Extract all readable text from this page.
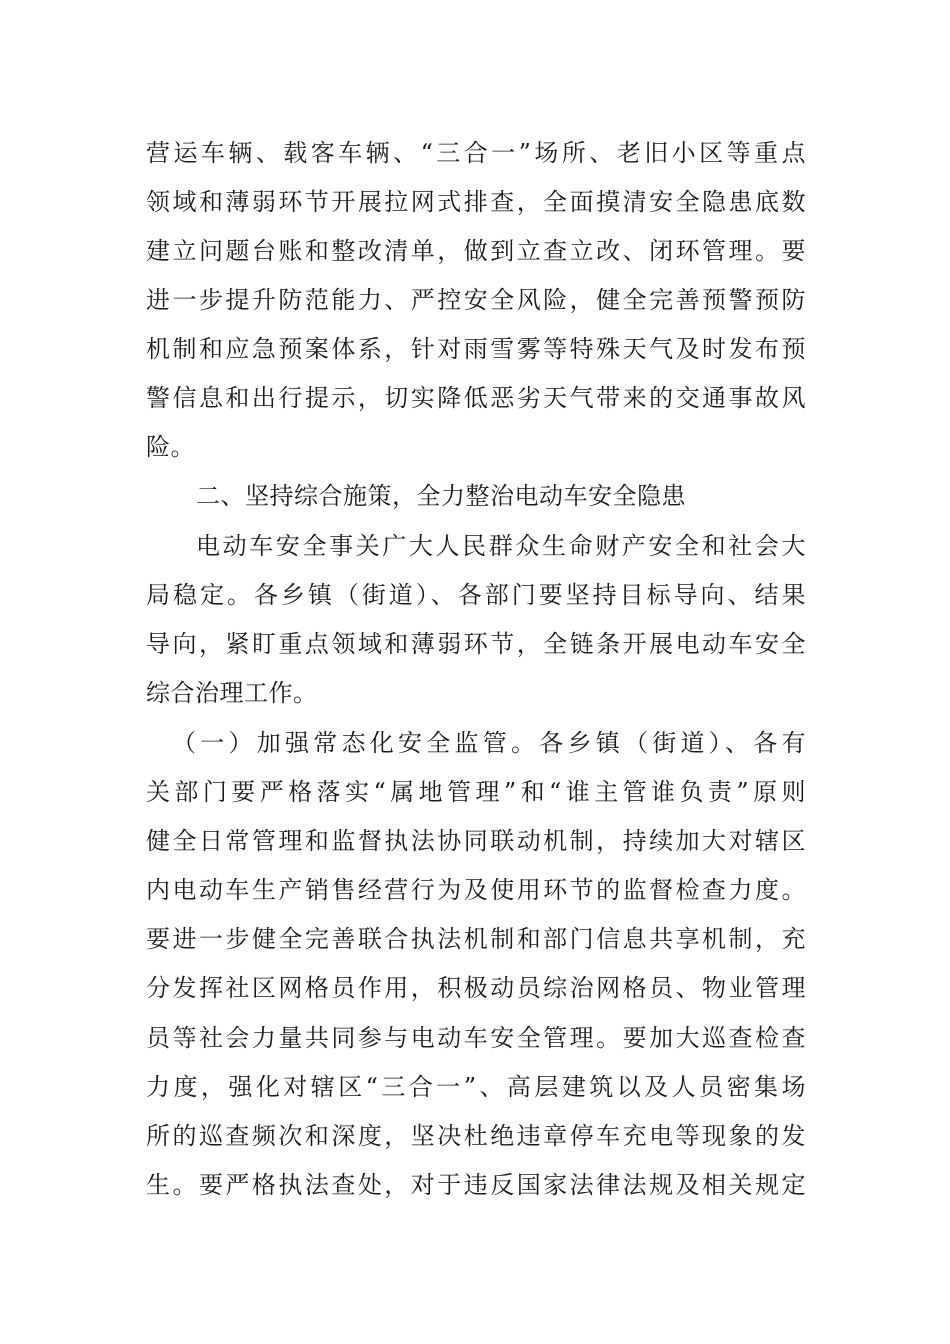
营运车辆、载客车辆、“三合一”场所、老旧小区等重点
领域和薄弱环节开展拉网式排查，全面摸清安全隐患底数
建立问题台账和整改清单，做到立查立改、闭环管理。要
进一步提升防范能力、严控安全风险，健全完善预警预防
机制和应急预案体系，针对雨雪雾等特殊天气及时发布预
警信息和出行提示，切实降低恶劣天气带来的交通事故风
险。
二、坚持综合施策，全力整治电动车安全隐患
电动车安全事关广大人民群众生命财产安全和社会大
局稳定。各乡镇（街道）、各部门要坚持目标导向、结果
导向，紧盯重点领域和薄弱环节，全链条开展电动车安全
综合治理工作。
（一）加强常态化安全监管。各乡镇（街道）、各有
关部门要严格落实“属地管理”和“谁主管谁负责”原则
健全日常管理和监督执法协同联动机制，持续加大对辖区
内电动车生产销售经营行为及使用环节的监督检查力度。
要进一步健全完善联合执法机制和部门信息共享机制，充
分发挥社区网格员作用，积极动员综治网格员、物业管理
员等社会力量共同参与电动车安全管理。要加大巡查检查
力度，强化对辖区“三合一”、高层建筑以及人员密集场
所的巡查频次和深度，坚决杜绝违章停车充电等现象的发
生。要严格执法查处，对于违反国家法律法规及相关规定
